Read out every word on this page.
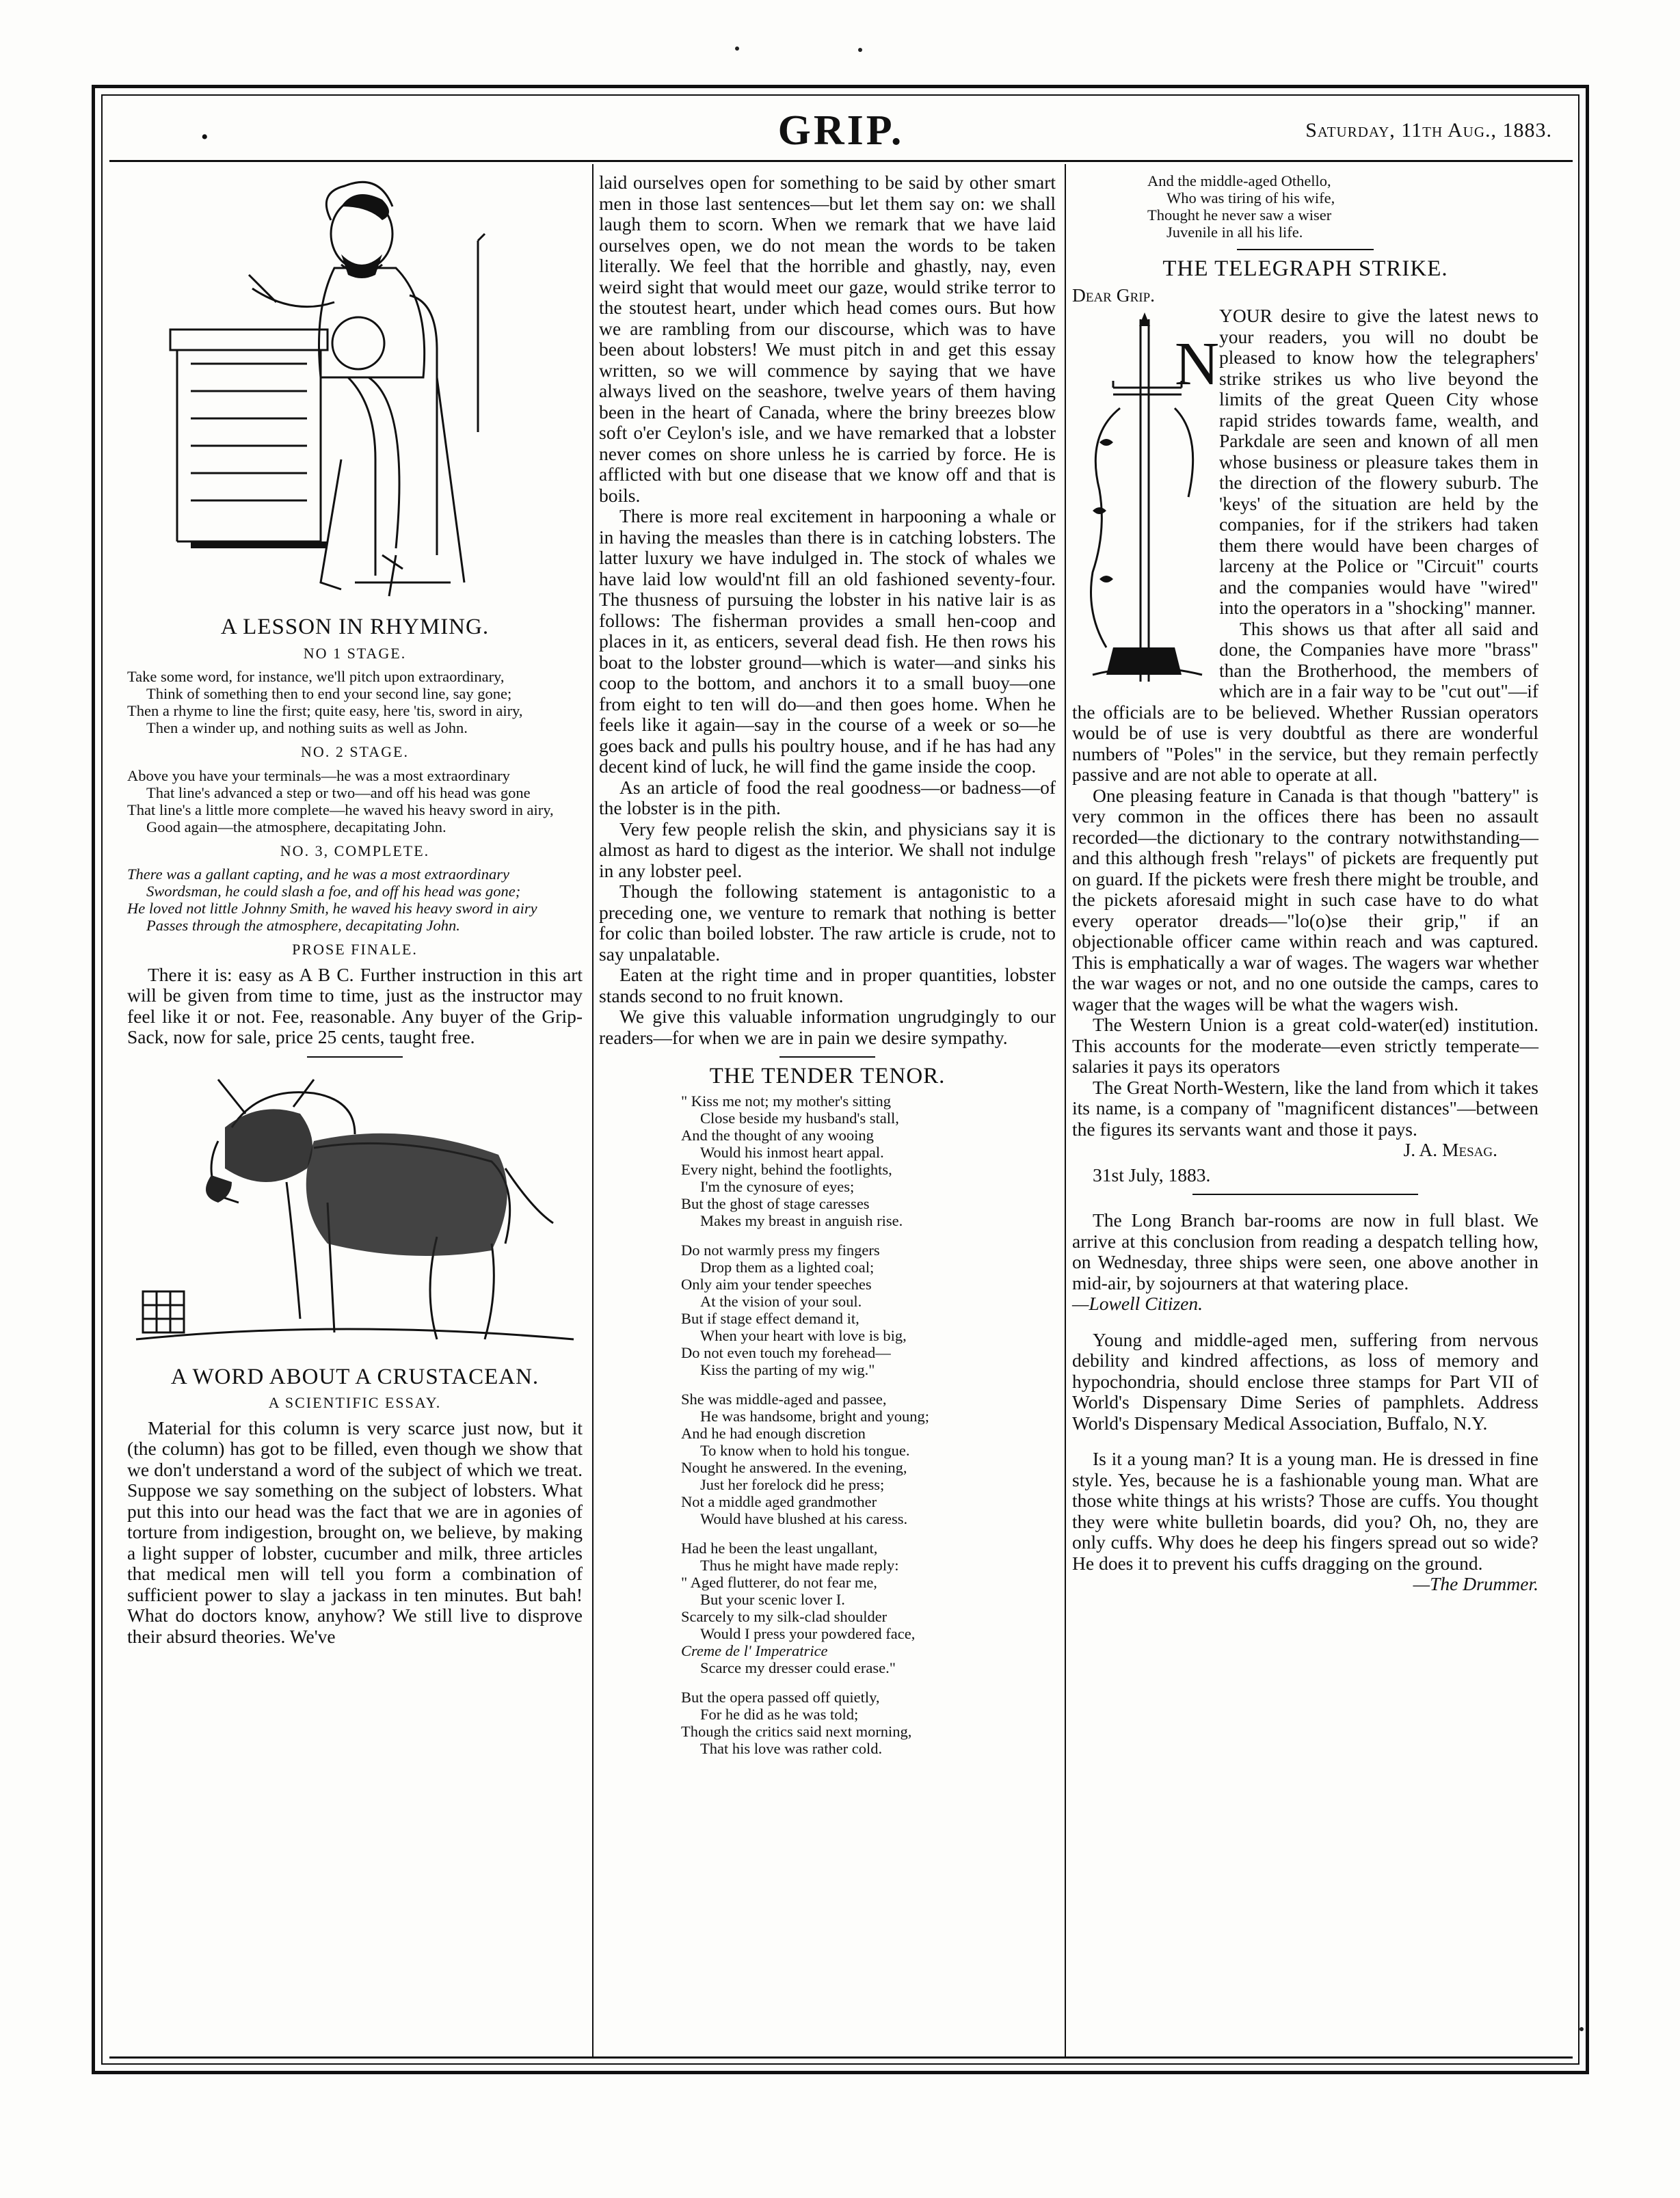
•	GRIP.	Saturday, 11th Aug., 1883.
A LESSON IN RHYMING.
NO 1 STAGE.
Take some word, for instance, we'll pitch upon extraordinary,
Think of something then to end your second line, say gone;
Then a rhyme to line the first; quite easy, here 'tis, sword in airy,
Then a winder up, and nothing suits as well as John.
NO. 2 STAGE.
Above you have your terminals—he was a most extraordinary
That line's advanced a step or two—and off his head was gone
That line's a little more complete—he waved his heavy sword in airy,
Good again—the atmosphere, decapitating John.
NO. 3, COMPLETE.
There was a gallant capting, and he was a most extraordinary
Swordsman, he could slash a foe, and off his head was gone;
He loved not little Johnny Smith, he waved his heavy sword in airy
Passes through the atmosphere, decapitating John.
PROSE FINALE.

There it is: easy as A B C. Further instruction in this art will be given from time to time, just as the instructor may feel like it or not. Fee, reasonable. Any buyer of the Grip-Sack, now for sale, price 25 cents, taught free.

A WORD ABOUT A CRUSTACEAN.
A SCIENTIFIC ESSAY.

Material for this column is very scarce just now, but it (the column) has got to be filled, even though we show that we don't understand a word of the subject of which we treat. Suppose we say something on the subject of lobsters. What put this into our head was the fact that we are in agonies of torture from indigestion, brought on, we believe, by making a light supper of lobster, cucumber and milk, three articles that medical men will tell you form a combination of sufficient power to slay a jackass in ten minutes. But bah! What do doctors know, anyhow? We still live to disprove their absurd theories. We've

laid ourselves open for something to be said by other smart men in those last sentences—but let them say on: we shall laugh them to scorn. When we remark that we have laid ourselves open, we do not mean the words to be taken literally. We feel that the horrible and ghastly, nay, even weird sight that would meet our gaze, would strike terror to the stoutest heart, under which head comes ours. But how we are rambling from our discourse, which was to have been about lobsters! We must pitch in and get this essay written, so we will commence by saying that we have always lived on the seashore, twelve years of them having been in the heart of Canada, where the briny breezes blow soft o'er Ceylon's isle, and we have remarked that a lobster never comes on shore unless he is carried by force. He is afflicted with but one disease that we know off and that is boils.

There is more real excitement in harpooning a whale or in having the measles than there is in catching lobsters. The latter luxury we have indulged in. The stock of whales we have laid low would'nt fill an old fashioned seventy-four. The thusness of pursuing the lobster in his native lair is as follows: The fisherman provides a small hen-coop and places in it, as enticers, several dead fish. He then rows his boat to the lobster ground—which is water—and sinks his coop to the bottom, and anchors it to a small buoy—one from eight to ten will do—and then goes home. When he feels like it again—say in the course of a week or so—he goes back and pulls his poultry house, and if he has had any decent kind of luck, he will find the game inside the coop.

As an article of food the real goodness—or badness—of the lobster is in the pith.

Very few people relish the skin, and physicians say it is almost as hard to digest as the interior. We shall not indulge in any lobster peel.

Though the following statement is antagonistic to a preceding one, we venture to remark that nothing is better for colic than boiled lobster. The raw article is crude, not to say unpalatable.

Eaten at the right time and in proper quantities, lobster stands second to no fruit known.

We give this valuable information ungrudgingly to our readers—for when we are in pain we desire sympathy.

THE TENDER TENOR.
" Kiss me not; my mother's sitting
Close beside my husband's stall,
And the thought of any wooing
Would his inmost heart appal.
Every night, behind the footlights,
I'm the cynosure of eyes;
But the ghost of stage caresses
Makes my breast in anguish rise.
Do not warmly press my fingers
Drop them as a lighted coal;
Only aim your tender speeches
At the vision of your soul.
But if stage effect demand it,
When your heart with love is big,
Do not even touch my forehead—
Kiss the parting of my wig."
She was middle-aged and passee,
He was handsome, bright and young;
And he had enough discretion
To know when to hold his tongue.
Nought he answered. In the evening,
Just her forelock did he press;
Not a middle aged grandmother
Would have blushed at his caress.
Had he been the least ungallant,
Thus he might have made reply:
" Aged flutterer, do not fear me,
But your scenic lover I.
Scarcely to my silk-clad shoulder
Would I press your powdered face,
Creme de l' Imperatrice
Scarce my dresser could erase."
But the opera passed off quietly,
For he did as he was told;
Though the critics said next morning,
That his love was rather cold.
And the middle-aged Othello,
Who was tiring of his wife,
Thought he never saw a wiser
Juvenile in all his life.
THE TELEGRAPH STRIKE.
Dear Grip.
N

YOUR desire to give the latest news to your readers, you will no doubt be pleased to know how the telegraphers' strike strikes us who live beyond the limits of the great Queen City whose rapid strides towards fame, wealth, and Parkdale are seen and known of all men whose business or pleasure takes them in the direction of the flowery suburb. The 'keys' of the situation are held by the companies, for if the strikers had taken them there would have been charges of larceny at the Police or "Circuit" courts and the companies would have "wired" into the operators in a "shocking" manner.

This shows us that after all said and done, the Companies have more "brass" than the Brotherhood, the members of which are in a fair way to be "cut out"—if the officials are to be believed. Whether Russian operators would be of use is very doubtful as there are wonderful numbers of "Poles" in the service, but they remain perfectly passive and are not able to operate at all.

One pleasing feature in Canada is that though "battery" is very common in the offices there has been no assault recorded—the dictionary to the contrary notwithstanding—and this although fresh "relays" of pickets are frequently put on guard. If the pickets were fresh there might be trouble, and the pickets aforesaid might in such case have to do what every operator dreads—"lo(o)se their grip," if an objectionable officer came within reach and was captured. This is emphatically a war of wages. The wagers war whether the war wages or not, and no one outside the camps, cares to wager that the wages will be what the wagers wish.

The Western Union is a great cold-water(ed) institution. This accounts for the moderate—even strictly temperate—salaries it pays its operators

The Great North-Western, like the land from which it takes its name, is a company of "magnificent distances"—between the figures its servants want and those it pays.

J. A. Mesag.

31st July, 1883.

The Long Branch bar-rooms are now in full blast. We arrive at this conclusion from reading a despatch telling how, on Wednesday, three ships were seen, one above another in mid-air, by sojourners at that watering place.

—Lowell Citizen.

Young and middle-aged men, suffering from nervous debility and kindred affections, as loss of memory and hypochondria, should enclose three stamps for Part VII of World's Dispensary Dime Series of pamphlets. Address World's Dispensary Medical Association, Buffalo, N.Y.

Is it a young man? It is a young man. He is dressed in fine style. Yes, because he is a fashionable young man. What are those white things at his wrists? Those are cuffs. You thought they were white bulletin boards, did you? Oh, no, they are only cuffs. Why does he deep his fingers spread out so wide? He does it to prevent his cuffs dragging on the ground.

—The Drummer.
